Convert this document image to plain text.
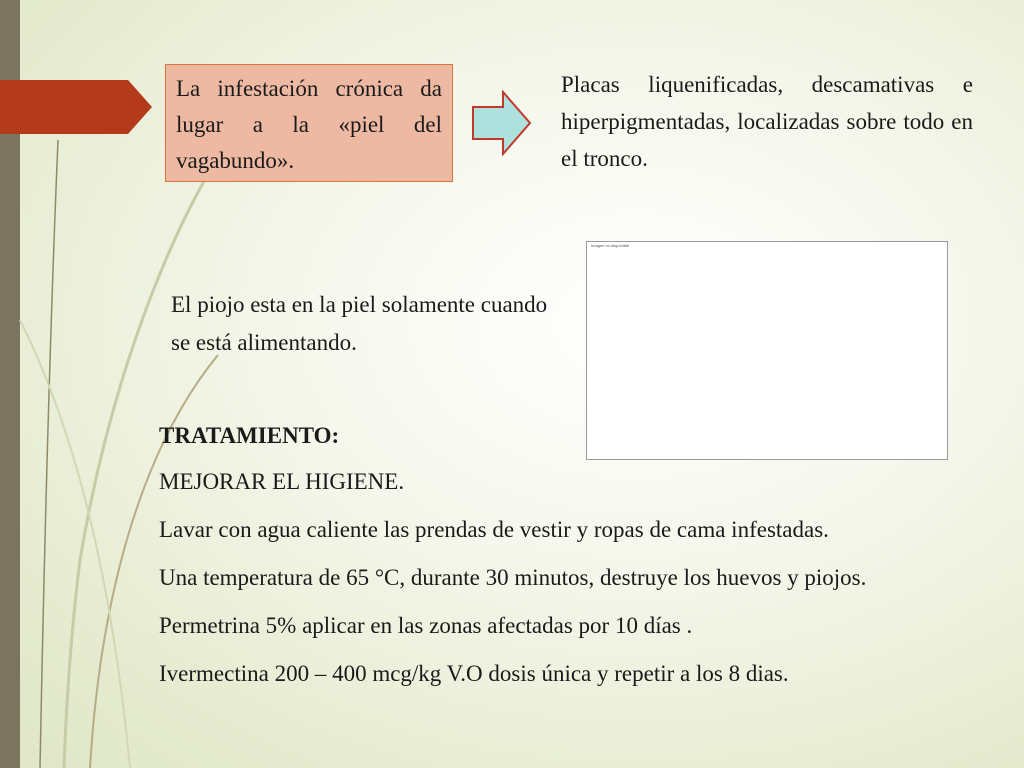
La infestación crónica da lugar a la «piel del vagabundo».
Placas liquenificadas, descamativas e hiperpigmentadas, localizadas sobre todo en el tronco.
El piojo esta en la piel solamente cuando se está alimentando.
Imagen no disponible

TRATAMIENTO:

MEJORAR EL HIGIENE.

Lavar con agua caliente las prendas de vestir y ropas de cama infestadas.

Una temperatura de 65 °C, durante 30 minutos, destruye los huevos y piojos.

Permetrina 5% aplicar en las zonas afectadas por 10 días .

Ivermectina 200 – 400 mcg/kg V.O dosis única y repetir a los 8 dias.
